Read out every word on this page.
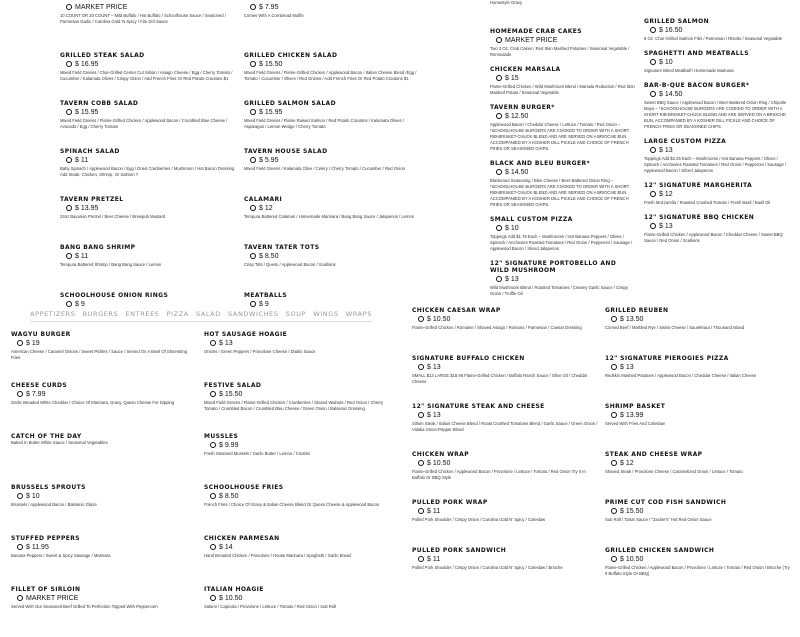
MARKET PRICE
10 COUNT OR 20 COUNT – Mild Buffalo / Hot Buffalo / Schoolhouse Sauce / Seasoned / Parmesan Garlic / Carolina Gold 'N Spicy / Fire Dril Sauce
GRILLED STEAK SALAD
$ 16.95
Mixed Field Greens / Char-Grilled Center Cut Sirloin / Asiago Cheese / Egg / Cherry Tomato / Cucumber / Kalamata Olives / Crispy Onion / Add French Fries Or Red Potato Croutons $1
TAVERN COBB SALAD
$ 15.95
Mixed Field Greens / Flame-Grilled Chicken / Applewood Bacon / Crumbled Blue Cheese / Avocado / Egg / Cherry Tomato
SPINACH SALAD
$ 11
Baby Spinach / Applewood Bacon / Egg / Dried Cranberries / Mushroom / Hot Bacon Dressing Add Steak, Chicken, Shrimp, Or Salmon 7
TAVERN PRETZEL
$ 13.95
24oz Bavarian Pretzel / Beer Cheese / Brewpub Mustard
BANG BANG SHRIMP
$ 11
Tempura Battered Shrimp / Bang Bang Sauce / Lemon
SCHOOLHOUSE ONION RINGS
$ 9
$ 7.95
Comes With A Cornbread Muffin
GRILLED CHICKEN SALAD
$ 15.50
Mixed Field Greens / Flame-Grilled Chicken / Applewood Bacon / Italian Cheese Blend /Egg / Tomato / Cucumber / Olives / Red Onions / Add French Fries Or Red Potato Croutons $1
GRILLED SALMON SALAD
$ 15.95
Mixed Field Greens / Flame Raised Salmon / Red Potato Croutons / Kalamata Olives / Asparagus / Lemon Wedge / Cherry Tomato
TAVERN HOUSE SALAD
$ 5.95
Mixed Field Greens / Kalamata Olive / Celery / Cherry Tomato / Cucumber / Red Onion
CALAMARI
$ 12
Tempura Battered Calamari / Homemade Marinara / Bang Bang Sauce / Jalapenos / Lemon
TAVERN TATER TOTS
$ 8.50
Crisp Tots / Queso / Applewood Bacon / Scallions
MEATBALLS
$ 9
APPETIZERS BURGERS ENTREES PIZZA SALAD SANDWICHES SOUP WINGS WRAPS
WAGYU BURGER
$ 19
American Cheese / Caramel Onions / Sweet Pickles / Sauce / Served On A Bowl Of Shoestring Fries
CHEESE CURDS
$ 7.99
Garlic Breaded White Cheddar / Choice Of Marinara, Gravy, Queso Cheese For Dipping
CATCH OF THE DAY
Baked In Butter White Sauce / Seasonal Vegetables
BRUSSELS SPROUTS
$ 10
Brussels / Applewood Bacon / Balsamic Glaze
STUFFED PEPPERS
$ 11.95
Banana Peppers / Sweet & Spicy Sausage / Marinara
FILLET OF SIRLOIN
MARKET PRICE
Served With Our Seasoned Beef Grilled To Perfection Topped With Peppercorn
HOT SAUSAGE HOAGIE
$ 13
Onions / Green Peppers / Provolone Cheese / Diablo Sauce
FESTIVE SALAD
$ 15.50
Mixed Field Greens / Flame-Grilled Chicken / Cranberries / Glazed Walnuts / Red Onion / Cherry Tomato / Crumbled Bacon / Crumbled Bleu Cheese / Green Onion / Balsamic Dressing
MUSSLES
$ 9.99
Fresh Steamed Mussels / Garlic Butter / Lemon / Crustini
SCHOOLHOUSE FRIES
$ 8.50
French Fries / Choice Of Gravy & Italian Cheese Blend Or Queso Cheese & Applewood Bacon
CHICKEN PARMESAN
$ 14
Hand Breaded Chicken / Provolone / House Marinara / Spaghetti / Garlic Bread
ITALIAN HOAGIE
$ 10.50
Salami / Capicola / Provolone / Lettuce / Tomato / Red Onion / Sub Roll
Homestyle Gravy
HOMEMADE CRAB CAKES
MARKET PRICE
Two 3 Oz. Crab Cakes / Red Skin Mashed Potatoes / Seasonal Vegetable / Remoulade
CHICKEN MARSALA
$ 15
Flame-Grilled Chicken / Wild Mushroom Blend / Marsala Reduction / Red Skin Mashed Potato / Seasonal Vegetable
TAVERN BURGER*
$ 12.50
Applewood Bacon / Cheddar Cheese / Lettuce / Tomato / Red Onion – *SCHOOLHOUSE BURGERS ARE COOKED TO ORDER WITH A SHORT RIB-BRISKET-CHUCK BLEND AND ARE SERVED ON A BRIOCHE BUN. ACCOMPANIED BY A KOSHER DILL PICKLE AND CHOICE OF FRENCH FRIES OR SEASONED CHIPS.
BLACK AND BLEU BURGER*
$ 14.50
Blackened Seasoning / Bleu Cheese / Beer-Battered Onion Ring – *SCHOOLHOUSE BURGERS ARE COOKED TO ORDER WITH A SHORT RIB-BRISKET-CHUCK BLEND AND ARE SERVED ON A BRIOCHE BUN. ACCOMPANIED BY A KOSHER DILL PICKLE AND CHOICE OF FRENCH FRIES OR SEASONED CHIPS.
SMALL CUSTOM PIZZA
$ 10
Toppings Add $1.75 Each – Mushrooms / Hot Banana Peppers / Olives / Spinach / Anchovies Roasted Tomatoes / Red Onion / Pepperoni / Sausage / Applewood Bacon / Sliced Jalapenos
12" SIGNATURE PORTOBELLO AND WILD MUSHROOM
$ 13
Wild Mushroom Blend / Roasted Tomatoes / Creamy Garlic Sauce / Crispy Onion / Truffle Oil
GRILLED SALMON
$ 16.50
6 Oz. Char-Grilled Salmon Filet / Parmesan / Risotto / Seasonal Vegetable
SPAGHETTI AND MEATBALLS
$ 10
Signature Blend Meatball / Homemade Marinara
BAR-B-QUE BACON BURGER*
$ 14.50
Sweet BBQ Sauce / Applewood Bacon / Beer-Battered Onion Ring / Chipotle Mayo – *SCHOOLHOUSE BURGERS ARE COOKED TO ORDER WITH A SHORT RIB-BRISKET-CHUCK BLEND AND ARE SERVED ON A BRIOCHE BUN. ACCOMPANIED BY A KOSHER DILL PICKLE AND CHOICE OF FRENCH FRIES OR SEASONED CHIPS.
LARGE CUSTOM PIZZA
$ 13
Toppings Add $2.25 Each – Mushrooms / Hot Banana Peppers / Olives / Spinach / Anchovies Roasted Tomatoes / Red Onion / Pepperoni / Sausage / Applewood Bacon / Sliced Jalapenos
12" SIGNATURE MARGHERITA
$ 12
Fresh Mozzarella / Roasted Crushed Tomato / Fresh Basil / Basil Oil
12" SIGNATURE BBQ CHICKEN
$ 13
Flame-Grilled Chicken / Applewood Bacon / Cheddar Cheese / Sweet BBQ Sauce / Red Onion / Scallions
CHICKEN CAESAR WRAP
$ 10.50
Flame-Grilled Chicken / Romaine / Shaved Asiago / Romano / Parmesan / Caesar Dressing
SIGNATURE BUFFALO CHICKEN
$ 13
SMALL $13 LARGE $18.95 Flame-Grilled Chicken / Buffalo Ranch Sauce / Olive Oil / Cheddar Cheese
12" SIGNATURE STEAK AND CHEESE
$ 13
Sirloin Steak / Italian Cheese Blend / Roast Crushed Tomatoes Blend / Garlic Sauce / Green Onion / Vidalia Onion-Pepper Blend
CHICKEN WRAP
$ 10.50
Flame-Grilled Chicken / Applewood Bacon / Provolone / Lettuce / Tomato / Red Onion Try It In Buffalo Or BBQ Style
PULLED PORK WRAP
$ 11
Pulled Pork Shoulder / Crispy Onion / Carolina Gold N' Spicy / Coleslaw
PULLED PORK SANDWICH
$ 11
Pulled Pork Shoulder / Crispy Onion / Carolina Gold N' Spicy / Coleslaw / Brioche
GRILLED REUBEN
$ 13.50
Corned Beef / Marbled Rye / Swiss Cheese / Sauerkraut / Thousand Island
12" SIGNATURE PIEROGIES PIZZA
$ 13
Redskin Mashed Potatoes / Applewood Bacon / Cheddar Cheese / Italian Cheese
SHRIMP BASKET
$ 13.99
Served With Fries And Coleslaw
STEAK AND CHEESE WRAP
$ 12
Shaved Steak / Provolone Cheese / Caramelized Onion / Lettuce / Tomato
PRIME CUT COD FISH SANDWICH
$ 15.50
Sub Roll / Tartar Sauce / "Zackie's" Hot Red Onion Sauce
GRILLED CHICKEN SANDWICH
$ 10.50
Flame-Grilled Chicken / Applewood Bacon / Provolone / Lettuce / Tomato / Red Onion / Brioche (Try It Buffalo-Style Or BBQ)
